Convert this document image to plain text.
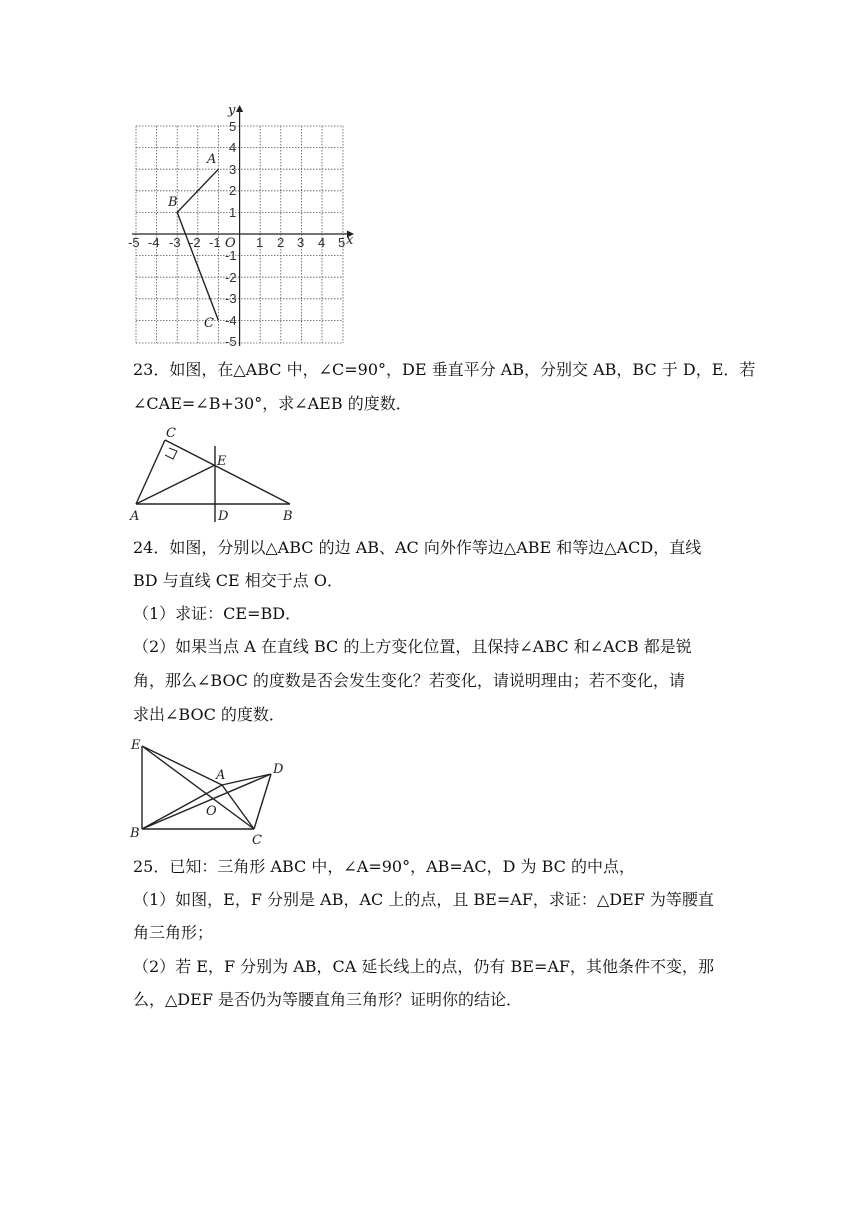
y
x
-5 -4 -3 -2 -1 O 1 2 3 4 5
5
4
3
2
1
-1
-2
-3
-4
-5
A
B
C
23．如图，在△ABC 中，∠C=90°，DE 垂直平分 AB，分别交 AB，BC 于 D，E．若
∠CAE=∠B+30°，求∠AEB 的度数．
C
E
A	D	B
24．如图，分别以△ABC 的边 AB、AC 向外作等边△ABE 和等边△ACD，直线
BD 与直线 CE 相交于点 O．
（1）求证：CE=BD．
（2）如果当点 A 在直线 BC 的上方变化位置，且保持∠ABC 和∠ACB 都是锐
角，那么∠BOC 的度数是否会发生变化？若变化，请说明理由；若不变化，请
求出∠BOC 的度数．
E
A	D
O
B	C
25．已知：三角形 ABC 中，∠A=90°，AB=AC，D 为 BC 的中点，
（1）如图，E，F 分别是 AB，AC 上的点，且 BE=AF，求证：△DEF 为等腰直
角三角形；
（2）若 E，F 分别为 AB，CA 延长线上的点，仍有 BE=AF，其他条件不变，那
么，△DEF 是否仍为等腰直角三角形？证明你的结论．
